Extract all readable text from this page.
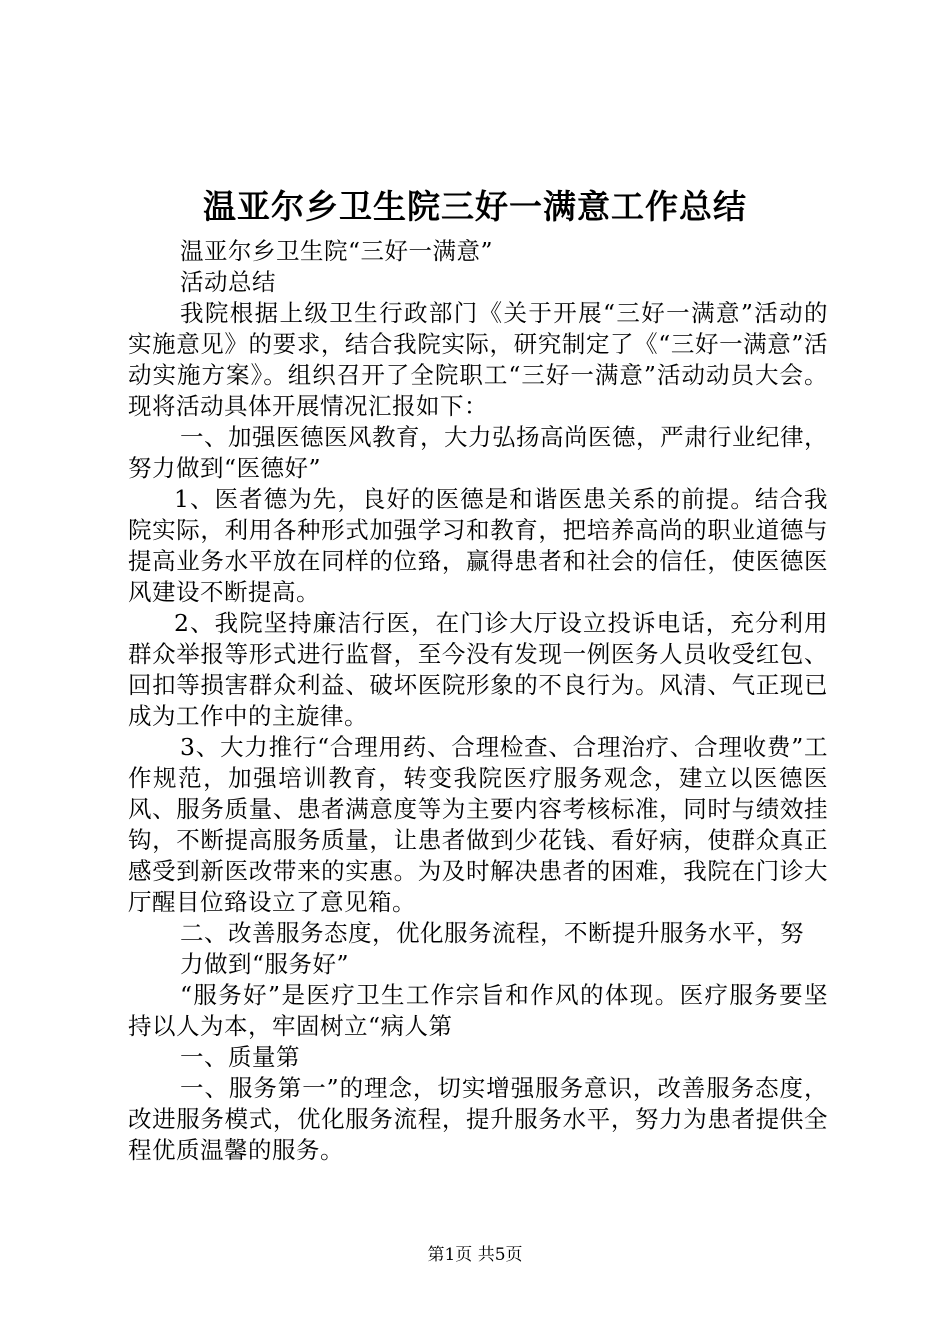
温亚尔乡卫生院三好一满意工作总结

温亚尔乡卫生院“三好一满意”

活动总结

我院根据上级卫生行政部门《关于开展“三好一满意”活动的实施意见》的要求，结合我院实际，研究制定了《“三好一满意”活动实施方案》。组织召开了全院职工“三好一满意”活动动员大会。现将活动具体开展情况汇报如下：

一、加强医德医风教育，大力弘扬高尚医德，严肃行业纪律，努力做到“医德好”

1、医者德为先，良好的医德是和谐医患关系的前提。结合我院实际，利用各种形式加强学习和教育，把培养高尚的职业道德与提高业务水平放在同样的位臵，赢得患者和社会的信任，使医德医风建设不断提高。

2、我院坚持廉洁行医，在门诊大厅设立投诉电话，充分利用群众举报等形式进行监督，至今没有发现一例医务人员收受红包、回扣等损害群众利益、破坏医院形象的不良行为。风清、气正现已成为工作中的主旋律。

3、大力推行“合理用药、合理检查、合理治疗、合理收费”工作规范，加强培训教育，转变我院医疗服务观念，建立以医德医风、服务质量、患者满意度等为主要内容考核标准，同时与绩效挂钩，不断提高服务质量，让患者做到少花钱、看好病，使群众真正感受到新医改带来的实惠。为及时解决患者的困难，我院在门诊大厅醒目位臵设立了意见箱。

二、改善服务态度，优化服务流程，不断提升服务水平，努

力做到“服务好”

“服务好”是医疗卫生工作宗旨和作风的体现。医疗服务要坚持以人为本，牢固树立“病人第

一、质量第

一、服务第一”的理念，切实增强服务意识，改善服务态度，改进服务模式，优化服务流程，提升服务水平，努力为患者提供全程优质温馨的服务。

第1页 共5页
